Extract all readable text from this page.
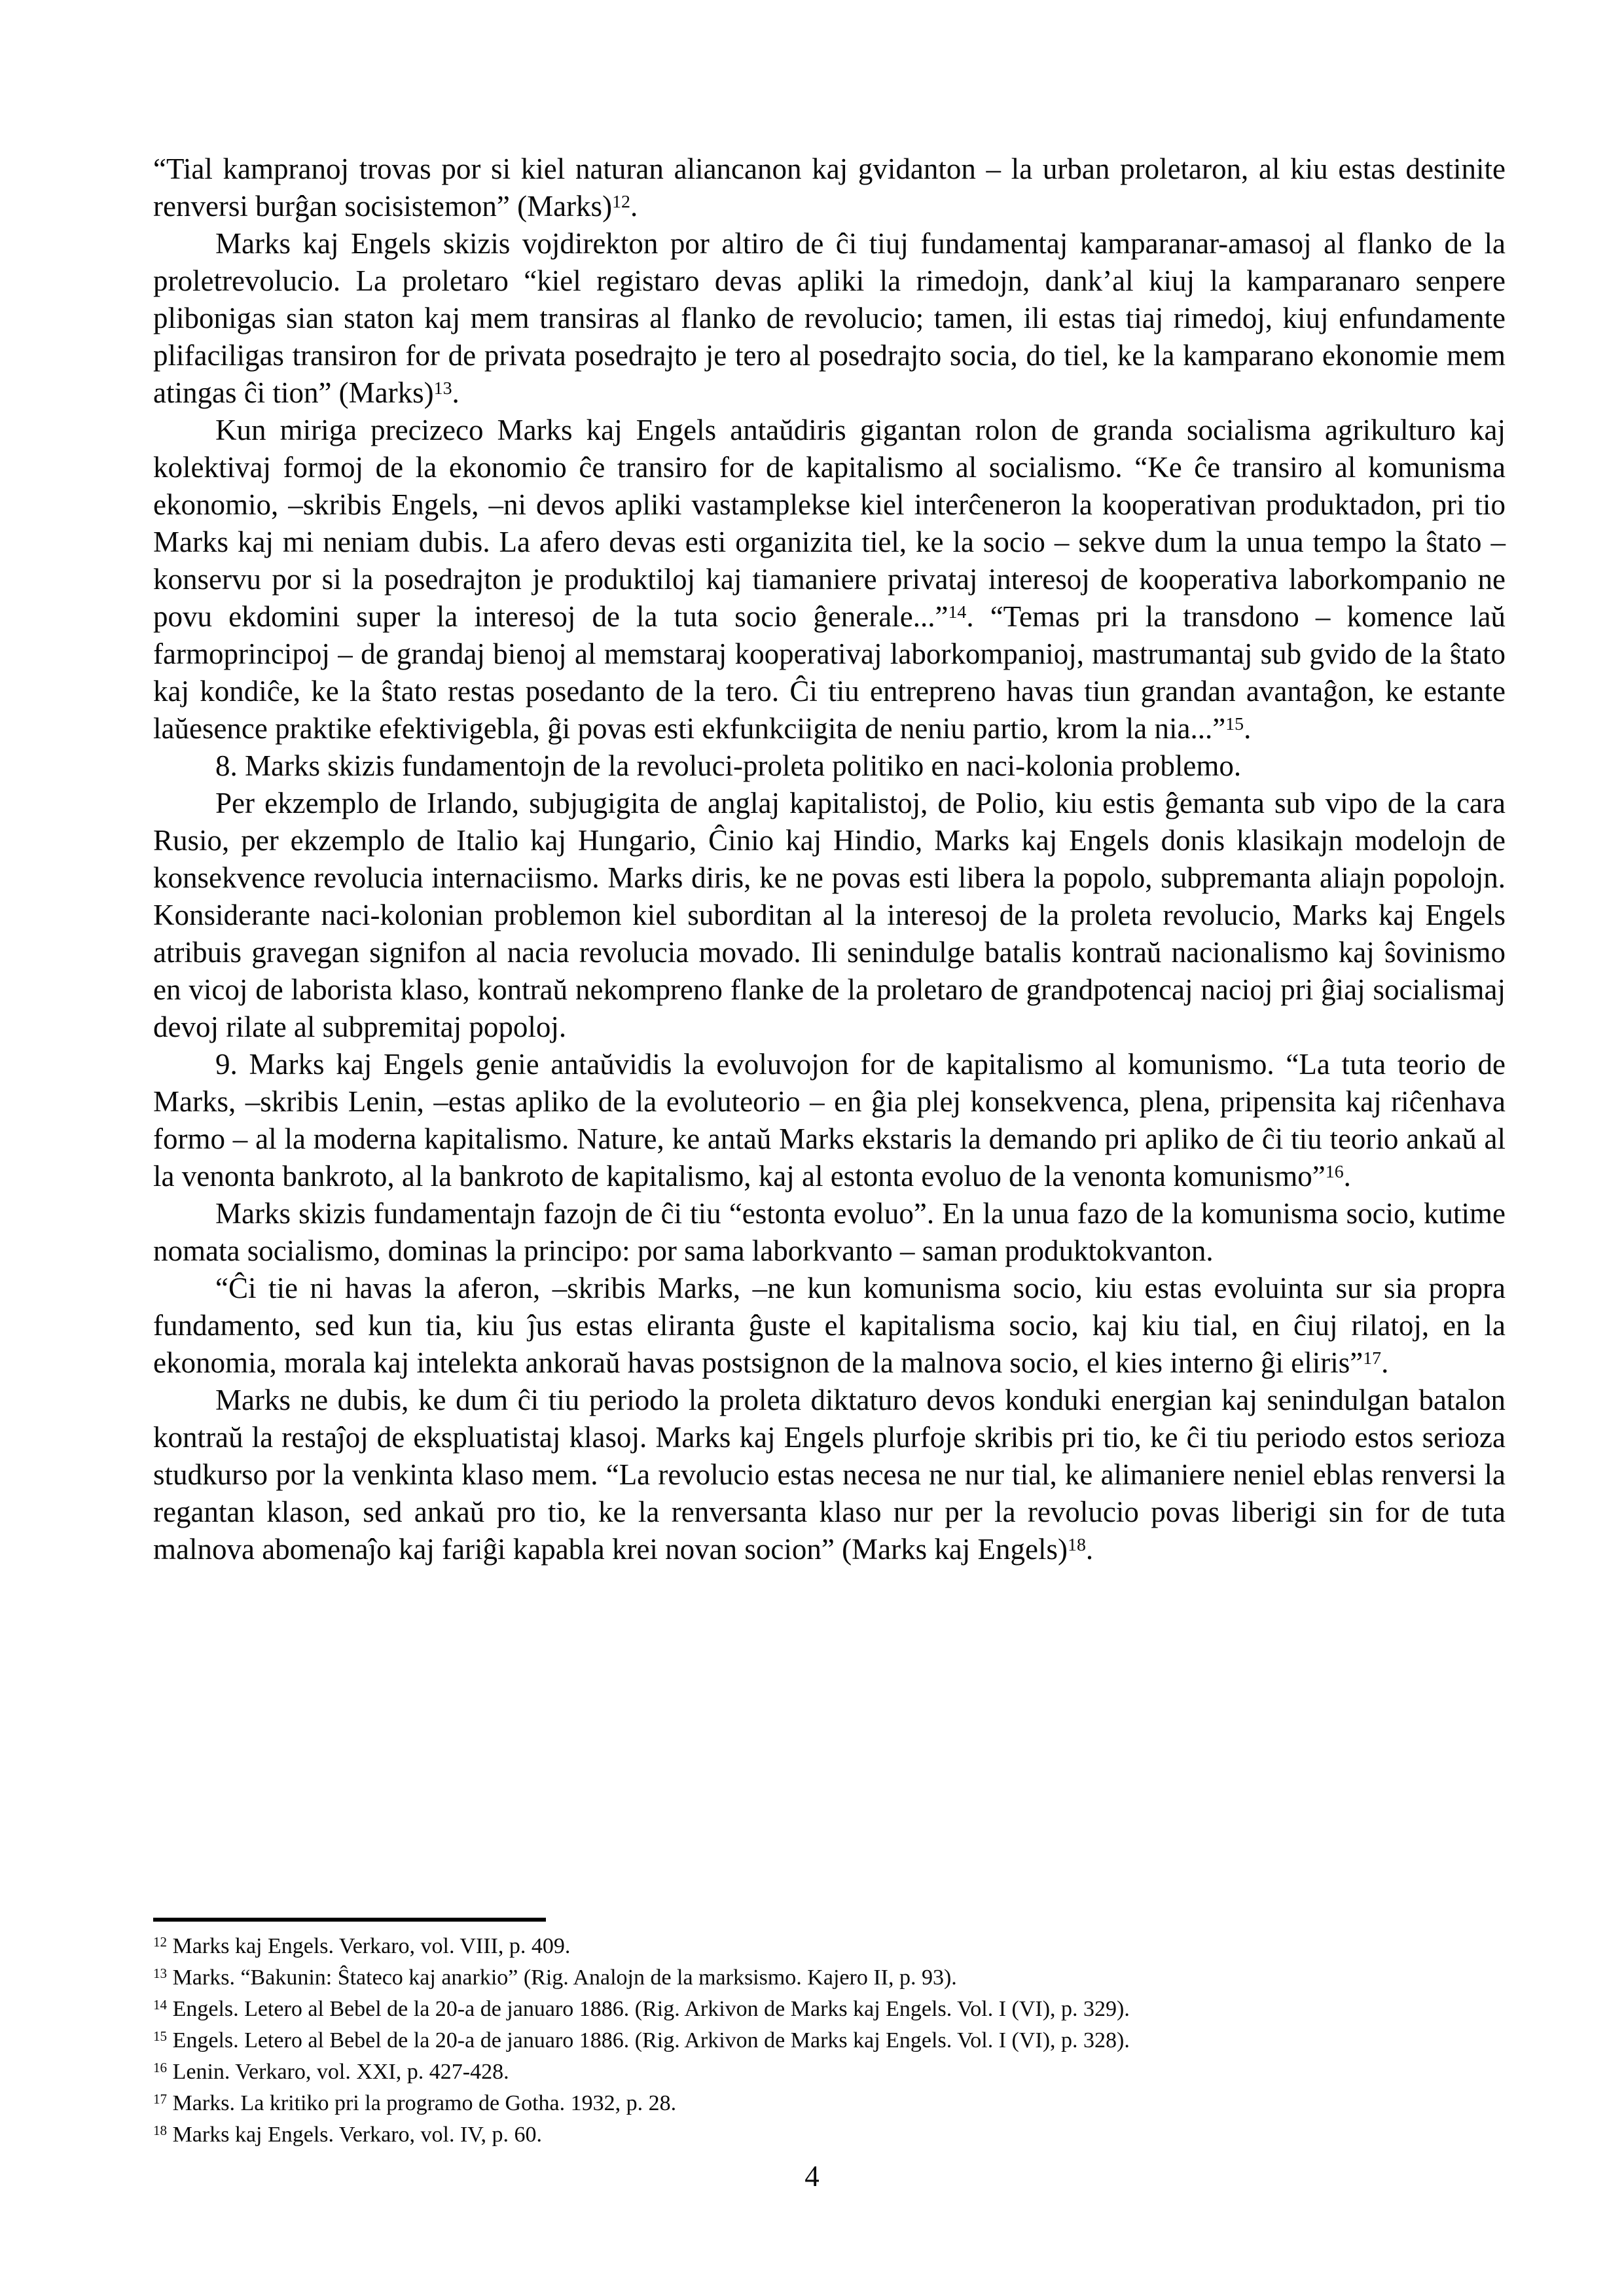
“Tial kampranoj trovas por si kiel naturan aliancanon kaj gvidanton – la urban proletaron, al kiu estas destinite renversi burĝan socisistemon” (Marks)$^{12}$.

Marks kaj Engels skizis vojdirekton por altiro de ĉi tiuj fundamentaj kamparanar-amasoj al flanko de la proletrevolucio. La proletaro “kiel registaro devas apliki la rimedojn, dank’al kiuj la kamparanaro senpere plibonigas sian staton kaj mem transiras al flanko de revolucio; tamen, ili estas tiaj rimedoj, kiuj enfundamente plifaciligas transiron for de privata posedrajto je tero al posedrajto socia, do tiel, ke la kamparano ekonomie mem atingas ĉi tion” (Marks)$^{13}$.

Kun miriga precizeco Marks kaj Engels antaŭdiris gigantan rolon de granda socialisma agrikulturo kaj kolektivaj formoj de la ekonomio ĉe transiro for de kapitalismo al socialismo. “Ke ĉe transiro al komunisma ekonomio, –skribis Engels, –ni devos apliki vastamplekse kiel interĉeneron la kooperativan produktadon, pri tio Marks kaj mi neniam dubis. La afero devas esti organizita tiel, ke la socio – sekve dum la unua tempo la ŝtato – konservu por si la posedrajton je produktiloj kaj tiamaniere privataj interesoj de kooperativa laborkompanio ne povu ekdomini super la interesoj de la tuta socio ĝenerale...”$^{14}$. “Temas pri la transdono – komence laŭ farmoprincipoj – de grandaj bienoj al memstaraj kooperativaj laborkompanioj, mastrumantaj sub gvido de la ŝtato kaj kondiĉe, ke la ŝtato restas posedanto de la tero. Ĉi tiu entrepreno havas tiun grandan avantaĝon, ke estante laŭesence praktike efektivigebla, ĝi povas esti ekfunkciigita de neniu partio, krom la nia...”$^{15}$.

8. Marks skizis fundamentojn de la revoluci-proleta politiko en naci-kolonia problemo.

Per ekzemplo de Irlando, subjugigita de anglaj kapitalistoj, de Polio, kiu estis ĝemanta sub vipo de la cara Rusio, per ekzemplo de Italio kaj Hungario, Ĉinio kaj Hindio, Marks kaj Engels donis klasikajn modelojn de konsekvence revolucia internaciismo. Marks diris, ke ne povas esti libera la popolo, subpremanta aliajn popolojn. Konsiderante naci-kolonian problemon kiel suborditan al la interesoj de la proleta revolucio, Marks kaj Engels atribuis gravegan signifon al nacia revolucia movado. Ili senindulge batalis kontraŭ nacionalismo kaj ŝovinismo en vicoj de laborista klaso, kontraŭ nekompreno flanke de la proletaro de grandpotencaj nacioj pri ĝiaj socialismaj devoj rilate al subpremitaj popoloj.

9. Marks kaj Engels genie antaŭvidis la evoluvojon for de kapitalismo al komunismo. “La tuta teorio de Marks, –skribis Lenin, –estas apliko de la evoluteorio – en ĝia plej konsekvenca, plena, pripensita kaj riĉenhava formo – al la moderna kapitalismo. Nature, ke antaŭ Marks ekstaris la demando pri apliko de ĉi tiu teorio ankaŭ al la venonta bankroto, al la bankroto de kapitalismo, kaj al estonta evoluo de la venonta komunismo”$^{16}$.

Marks skizis fundamentajn fazojn de ĉi tiu “estonta evoluo”. En la unua fazo de la komunisma socio, kutime nomata socialismo, dominas la principo: por sama laborkvanto – saman produktokvanton.

“Ĉi tie ni havas la aferon, –skribis Marks, –ne kun komunisma socio, kiu estas evoluinta sur sia propra fundamento, sed kun tia, kiu ĵus estas eliranta ĝuste el kapitalisma socio, kaj kiu tial, en ĉiuj rilatoj, en la ekonomia, morala kaj intelekta ankoraŭ havas postsignon de la malnova socio, el kies interno ĝi eliris”$^{17}$.

Marks ne dubis, ke dum ĉi tiu periodo la proleta diktaturo devos konduki energian kaj senindulgan batalon kontraŭ la restaĵoj de ekspluatistaj klasoj. Marks kaj Engels plurfoje skribis pri tio, ke ĉi tiu periodo estos serioza studkurso por la venkinta klaso mem. “La revolucio estas necesa ne nur tial, ke alimaniere neniel eblas renversi la regantan klason, sed ankaŭ pro tio, ke la renversanta klaso nur per la revolucio povas liberigi sin for de tuta malnova abomenaĵo kaj fariĝi kapabla krei novan socion” (Marks kaj Engels)$^{18}$.

$^{12}$ Marks kaj Engels. Verkaro, vol. VIII, p. 409.
$^{13}$ Marks. “Bakunin: Ŝtateco kaj anarkio” (Rig. Analojn de la marksismo. Kajero II, p. 93).
$^{14}$ Engels. Letero al Bebel de la 20-a de januaro 1886. (Rig. Arkivon de Marks kaj Engels. Vol. I (VI), p. 329).
$^{15}$ Engels. Letero al Bebel de la 20-a de januaro 1886. (Rig. Arkivon de Marks kaj Engels. Vol. I (VI), p. 328).
$^{16}$ Lenin. Verkaro, vol. XXI, p. 427-428.
$^{17}$ Marks. La kritiko pri la programo de Gotha. 1932, p. 28.
$^{18}$ Marks kaj Engels. Verkaro, vol. IV, p. 60.
4
